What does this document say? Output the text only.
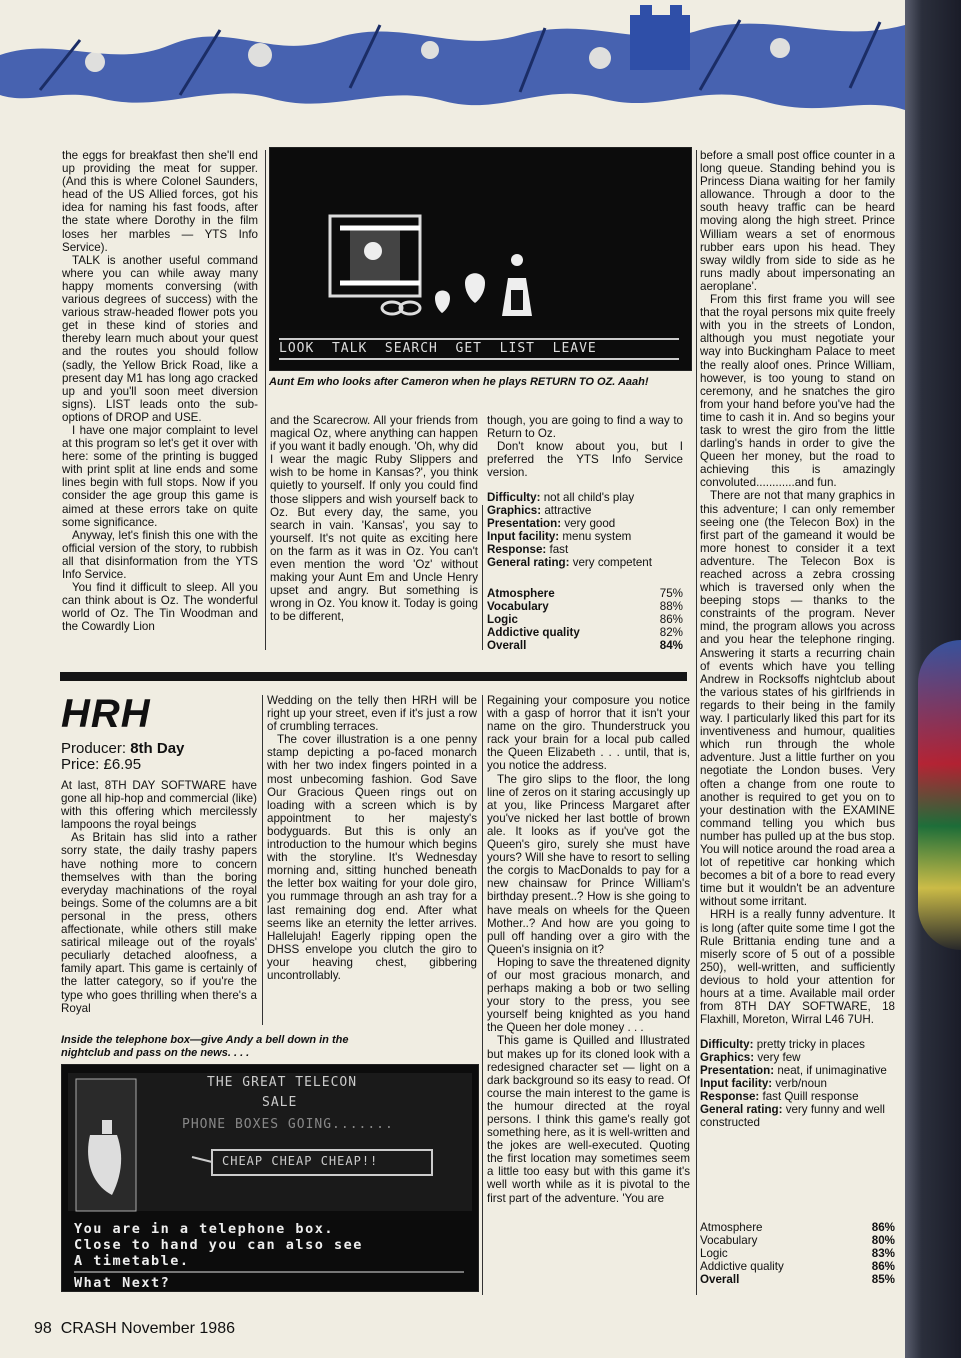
the eggs for breakfast then she'll end up providing the meat for supper. (And this is where Colonel Saunders, head of the US Allied forces, got his idea for naming his fast foods, after the state where Dorothy in the film loses her marbles — YTS Info Service).

TALK is another useful command where you can while away many happy moments conversing (with various degrees of success) with the various straw-headed flower pots you get in these kind of stories and thereby learn much about your quest and the routes you should follow (sadly, the Yellow Brick Road, like a present day M1 has long ago cracked up and you'll soon meet diversion signs). LIST leads onto the sub-options of DROP and USE.

I have one major complaint to level at this program so let's get it over with here: some of the printing is bugged with print split at line ends and some lines begin with full stops. Now if you consider the age group this game is aimed at these errors take on quite some significance.

Anyway, let's finish this one with the official version of the story, to rubbish all that disinformation from the YTS Info Service.

You find it difficult to sleep. All you can think about is Oz. The wonderful world of Oz. The Tin Woodman and the Cowardly Lion

LOOK  TALK  SEARCH  GET  LIST  LEAVE
Aunt Em who looks after Cameron when he plays RETURN TO OZ. Aaah!

and the Scarecrow. All your friends from magical Oz, where anything can happen if you want it badly enough. 'Oh, why did I wear the magic Ruby Slippers and wish to be home in Kansas?', you think quietly to yourself. If only you could find those slippers and wish yourself back to Oz. But every day, the same, you search in vain. 'Kansas', you say to yourself. It's not quite as exciting here on the farm as it was in Oz. You can't even mention the word 'Oz' without making your Aunt Em and Uncle Henry upset and angry. But something is wrong in Oz. You know it. Today is going to be different,

though, you are going to find a way to Return to Oz.

Don't know about you, but I preferred the YTS Info Service version.

Difficulty: not all child's play
Graphics: attractive
Presentation: very good
Input facility: menu system
Response: fast
General rating: very competent
Atmosphere	75%
Vocabulary	88%
Logic	86%
Addictive quality	82%
Overall	84%

before a small post office counter in a long queue. Standing behind you is Princess Diana waiting for her family allowance. Through a door to the south heavy traffic can be heard moving along the high street. Prince William wears a set of enormous rubber ears upon his head. They sway wildly from side to side as he runs madly about impersonating an aeroplane'.

From this first frame you will see that the royal persons mix quite freely with you in the streets of London, although you must negotiate your way into Buckingham Palace to meet the really aloof ones. Prince William, however, is too young to stand on ceremony, and he snatches the giro from your hand before you've had the time to cash it in. And so begins your task to wrest the giro from the little darling's hands in order to give the Queen her money, but the road to achieving this is amazingly convoluted............and fun.

There are not that many graphics in this adventure; I can only remember seeing one (the Telecon Box) in the first part of the gameand it would be more honest to consider it a text adventure. The Telecon Box is reached across a zebra crossing which is traversed only when the beeping stops — thanks to the constraints of the program. Never mind, the program allows you across and you hear the telephone ringing. Answering it starts a recurring chain of events which have you telling Andrew in Rocksoffs nightclub about the various states of his girlfriends in regards to their being in the family way. I particularly liked this part for its inventiveness and humour, qualities which run through the whole adventure. Just a little further on you negotiate the London buses. Very often a change from one route to another is required to get you on to your destination with the EXAMINE command telling you which bus number has pulled up at the bus stop. You will notice around the road area a lot of repetitive car honking which becomes a bit of a bore to read every time but it wouldn't be an adventure without some irritant.

HRH is a really funny adventure. It is long (after quite some time I got the Rule Brittania ending tune and a miserly score of 5 out of a possible 250), well-written, and sufficiently devious to hold your attention for hours at a time. Available mail order from 8TH DAY SOFTWARE, 18 Flaxhill, Moreton, Wirral L46 7UH.

Difficulty: pretty tricky in places
Graphics: very few
Presentation: neat, if unimaginative
Input facility: verb/noun
Response: fast Quill response
General rating: very funny and well constructed
Atmosphere	86%
Vocabulary	80%
Logic	83%
Addictive quality	86%
Overall	85%
HRH
Producer: 8th Day
Price: £6.95

At last, 8TH DAY SOFTWARE have gone all hip-hop and commercial (like) with this offering which mercilessly lampoons the royal beings

As Britain has slid into a rather sorry state, the daily trashy papers have nothing more to concern themselves with than the boring everyday machinations of the royal beings. Some of the columns are a bit personal in the press, others affectionate, while others still make satirical mileage out of the royals' peculiarly detached aloofness, a family apart. This game is certainly of the latter category, so if you're the type who goes thrilling when there's a Royal

Wedding on the telly then HRH will be right up your street, even if it's just a row of crumbling terraces.

The cover illustration is a one penny stamp depicting a po-faced monarch with her two index fingers pointed in a most unbecoming fashion. God Save Our Gracious Queen rings out on loading with a screen which is by appointment to her majesty's bodyguards. But this is only an introduction to the humour which begins with the storyline. It's Wednesday morning and, sitting hunched beneath the letter box waiting for your dole giro, you rummage through an ash tray for a last remaining dog end. After what seems like an eternity the letter arrives. Hallelujah! Eagerly ripping open the DHSS envelope you clutch the giro to your heaving chest, gibbering uncontrollably.

Regaining your composure you notice with a gasp of horror that it isn't your name on the giro. Thunderstruck you rack your brain for a local pub called the Queen Elizabeth . . . until, that is, you notice the address.

The giro slips to the floor, the long line of zeros on it staring accusingly up at you, like Princess Margaret after you've nicked her last bottle of brown ale. It looks as if you've got the Queen's giro, surely she must have yours? Will she have to resort to selling the corgis to MacDonalds to pay for a new chainsaw for Prince William's birthday present..? How is she going to have meals on wheels for the Queen Mother..? And how are you going to pull off handing over a giro with the Queen's insignia on it?

Hoping to save the threatened dignity of our most gracious monarch, and perhaps making a bob or two selling your story to the press, you see yourself being knighted as you hand the Queen her dole money . . .

This game is Quilled and Illustrated but makes up for its cloned look with a redesigned character set — light on a dark background so its easy to read. Of course the main interest to the game is the humour directed at the royal persons. I think this game's really got something here, as it is well-written and the jokes are well-executed. Quoting the first location may sometimes seem a little too easy but with this game it's well worth while as it is pivotal to the first part of the adventure. 'You are

Inside the telephone box—give Andy a bell down in the nightclub and pass on the news. . . .
THE GREAT TELECON
SALE
PHONE BOXES GOING.......
CHEAP CHEAP CHEAP!!
You are in a telephone box.
Close to hand you can also see
A timetable.
What Next?
98 CRASH November 1986
